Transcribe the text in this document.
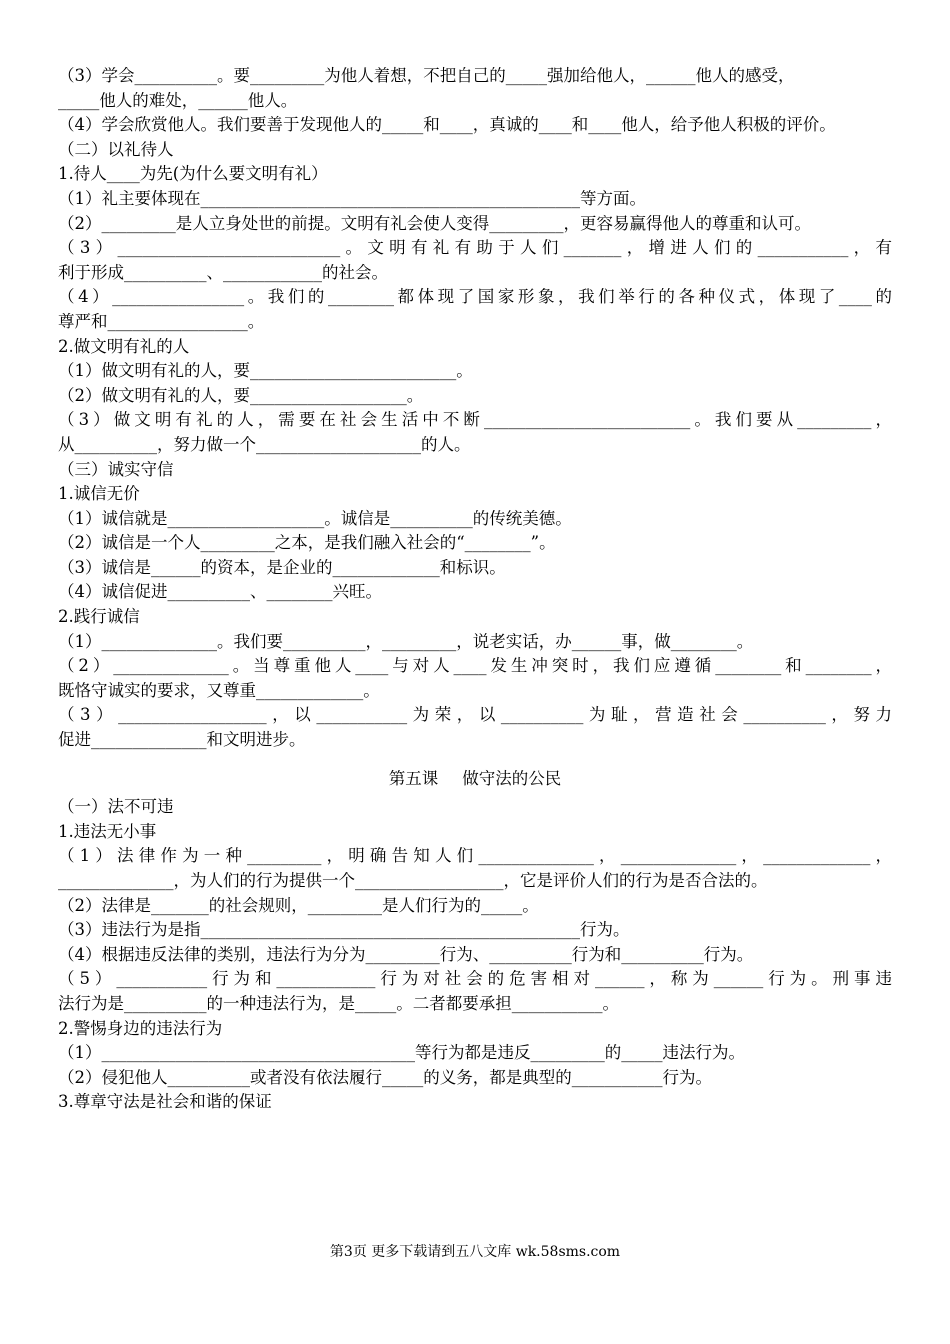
（3）学会__________。要_________为他人着想，不把自己的_____强加给他人，______他人的感受，
_____他人的难处，______他人。
（4）学会欣赏他人。我们要善于发现他人的_____和____，真诚的____和____他人，给予他人积极的评价。
（二）以礼待人
1.待人____为先(为什么要文明有礼）
（1）礼主要体现在______________________________________________等方面。
（2）_________是人立身处世的前提。文明有礼会使人变得_________，更容易赢得他人的尊重和认可。
（3）___________________________。文明有礼有助于人们_______，增进人们的___________，有
利于形成__________、____________的社会。
（4）________________。我们的________都体现了国家形象，我们举行的各种仪式，体现了____的
尊严和_________________。
2.做文明有礼的人
（1）做文明有礼的人，要_________________________。
（2）做文明有礼的人，要___________________。
（3）做文明有礼的人，需要在社会生活中不断_________________________。我们要从_________，
从__________，努力做一个____________________的人。
（三）诚实守信
1.诚信无价
（1）诚信就是___________________。诚信是__________的传统美德。
（2）诚信是一个人_________之本，是我们融入社会的“________”。
（3）诚信是______的资本，是企业的_____________和标识。
（4）诚信促进__________、________兴旺。
2.践行诚信
（1）______________。我们要__________，_________，说老实话，办______事，做________。
（2）______________。当尊重他人____与对人____发生冲突时，我们应遵循________和________，
既恪守诚实的要求，又尊重_____________。
（3）__________________，以___________为荣，以__________为耻，营造社会__________，努力
促进______________和文明进步。
第五课 做守法的公民
（一）法不可违
1.违法无小事
（1）法律作为一种_________，明确告知人们______________，______________，_____________，
______________，为人们的行为提供一个__________________，它是评价人们的行为是否合法的。
（2）法律是_______的社会规则，_________是人们行为的_____。
（3）违法行为是指______________________________________________行为。
（4）根据违反法律的类别，违法行为分为_________行为、__________行为和__________行为。
（5）___________行为和____________行为对社会的危害相对______，称为______行为。刑事违
法行为是__________的一种违法行为，是_____。二者都要承担___________。
2.警惕身边的违法行为
（1）______________________________________等行为都是违反_________的_____违法行为。
（2）侵犯他人__________或者没有依法履行_____的义务，都是典型的___________行为。
3.尊章守法是社会和谐的保证
第3页 更多下载请到五八文库 wk.58sms.com
